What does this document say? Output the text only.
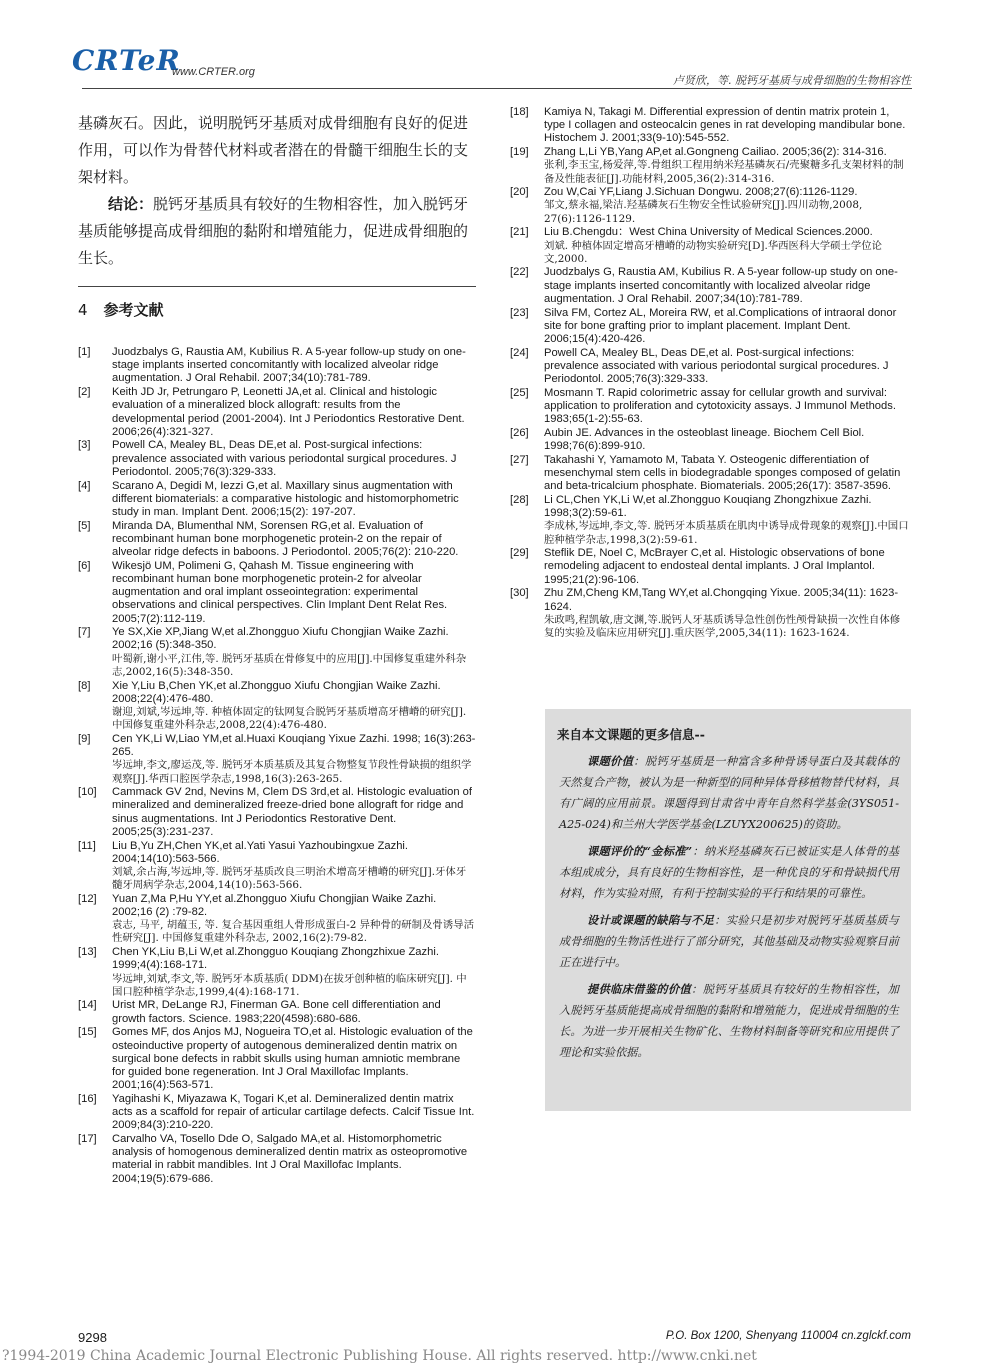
CRTeR
www.CRTER.org
卢贤欣，等. 脱钙牙基质与成骨细胞的生物相容性

基磷灰石。因此，说明脱钙牙基质对成骨细胞有良好的促进作用，可以作为骨替代材料或者潜在的骨髓干细胞生长的支架材料。

结论：脱钙牙基质具有较好的生物相容性，加入脱钙牙基质能够提高成骨细胞的黏附和增殖能力，促进成骨细胞的生长。

4 参考文献
[1]	Juodzbalys G, Raustia AM, Kubilius R. A 5-year follow-up study on one-stage implants inserted concomitantly with localized alveolar ridge augmentation. J Oral Rehabil. 2007;34(10):781-789.
[2]	Keith JD Jr, Petrungaro P, Leonetti JA,et al. Clinical and histologic evaluation of a mineralized block allograft: results from the developmental period (2001-2004). Int J Periodontics Restorative Dent. 2006;26(4):321-327.
[3]	Powell CA, Mealey BL, Deas DE,et al. Post-surgical infections: prevalence associated with various periodontal surgical procedures. J Periodontol. 2005;76(3):329-333.
[4]	Scarano A, Degidi M, Iezzi G,et al. Maxillary sinus augmentation with different biomaterials: a comparative histologic and histomorphometric study in man. Implant Dent. 2006;15(2): 197-207.
[5]	Miranda DA, Blumenthal NM, Sorensen RG,et al. Evaluation of recombinant human bone morphogenetic protein-2 on the repair of alveolar ridge defects in baboons. J Periodontol. 2005;76(2): 210-220.
[6]	Wikesjö UM, Polimeni G, Qahash M. Tissue engineering with recombinant human bone morphogenetic protein-2 for alveolar augmentation and oral implant osseointegration: experimental observations and clinical perspectives. Clin Implant Dent Relat Res. 2005;7(2):112-119.
[7]	Ye SX,Xie XP,Jiang W,et al.Zhongguo Xiufu Chongjian Waike Zazhi. 2002;16 (5):348-350.
叶蜀新,谢小平,江伟,等. 脱钙牙基质在骨修复中的应用[J].中国修复重建外科杂志,2002,16(5):348-350.
[8]	Xie Y,Liu B,Chen YK,et al.Zhongguo Xiufu Chongjian Waike Zazhi. 2008;22(4):476-480.
谢迎,刘斌,岑远坤,等. 种植体固定的钛网复合脱钙牙基质增高牙槽嵴的研究[J].中国修复重建外科杂志,2008,22(4):476-480.
[9]	Cen YK,Li W,Liao YM,et al.Huaxi Kouqiang Yixue Zazhi. 1998; 16(3):263-265.
岑远坤,李文,廖运茂,等. 脱钙牙本质基质及其复合物整复节段性骨缺损的组织学观察[J].华西口腔医学杂志,1998,16(3):263-265.
[10]	Cammack GV 2nd, Nevins M, Clem DS 3rd,et al. Histologic evaluation of mineralized and demineralized freeze-dried bone allograft for ridge and sinus augmentations. Int J Periodontics Restorative Dent. 2005;25(3):231-237.
[11]	Liu B,Yu ZH,Chen YK,et al.Yati Yasui Yazhoubingxue Zazhi. 2004;14(10):563-566.
刘斌,余占海,岑远坤,等. 脱钙牙基质改良三明治术增高牙槽嵴的研究[J].牙体牙髓牙周病学杂志,2004,14(10):563-566.
[12]	Yuan Z,Ma P,Hu YY,et al.Zhongguo Xiufu Chongjian Waike Zazhi. 2002;16 (2) :79-82.
袁志, 马平, 胡蕴玉, 等. 复合基因重组人骨形成蛋白-2 异种骨的研制及骨诱导活性研究[J]. 中国修复重建外科杂志, 2002,16(2):79-82.
[13]	Chen YK,Liu B,Li W,et al.Zhongguo Kouqiang Zhongzhixue Zazhi. 1999;4(4):168-171.
岑远坤,刘斌,李文,等. 脱钙牙本质基质( DDM)在拔牙创种植的临床研究[J]. 中国口腔种植学杂志,1999,4(4):168-171.
[14]	Urist MR, DeLange RJ, Finerman GA. Bone cell differentiation and growth factors. Science. 1983;220(4598):680-686.
[15]	Gomes MF, dos Anjos MJ, Nogueira TO,et al. Histologic evaluation of the osteoinductive property of autogenous demineralized dentin matrix on surgical bone defects in rabbit skulls using human amniotic membrane for guided bone regeneration. Int J Oral Maxillofac Implants. 2001;16(4):563-571.
[16]	Yagihashi K, Miyazawa K, Togari K,et al. Demineralized dentin matrix acts as a scaffold for repair of articular cartilage defects. Calcif Tissue Int. 2009;84(3):210-220.
[17]	Carvalho VA, Tosello Dde O, Salgado MA,et al. Histomorphometric analysis of homogenous demineralized dentin matrix as osteopromotive material in rabbit mandibles. Int J Oral Maxillofac Implants. 2004;19(5):679-686.
[18]	Kamiya N, Takagi M. Differential expression of dentin matrix protein 1, type I collagen and osteocalcin genes in rat developing mandibular bone. Histochem J. 2001;33(9-10):545-552.
[19]	Zhang L,Li YB,Yang AP,et al.Gongneng Cailiao. 2005;36(2): 314-316.
张利,李玉宝,杨爱萍,等.骨组织工程用纳米羟基磷灰石/壳聚糖多孔支架材料的制备及性能表征[J].功能材料,2005,36(2):314-316.
[20]	Zou W,Cai YF,Liang J.Sichuan Dongwu. 2008;27(6):1126-1129.
邹文,蔡永福,梁洁.羟基磷灰石生物安全性试验研究[J].四川动物,2008, 27(6):1126-1129.
[21]	Liu B.Chengdu：West China University of Medical Sciences.2000.
刘斌. 种植体固定增高牙槽嵴的动物实验研究[D].华西医科大学硕士学位论文,2000.
[22]	Juodzbalys G, Raustia AM, Kubilius R. A 5-year follow-up study on one-stage implants inserted concomitantly with localized alveolar ridge augmentation. J Oral Rehabil. 2007;34(10):781-789.
[23]	Silva FM, Cortez AL, Moreira RW, et al.Complications of intraoral donor site for bone grafting prior to implant placement. Implant Dent. 2006;15(4):420-426.
[24]	Powell CA, Mealey BL, Deas DE,et al. Post-surgical infections: prevalence associated with various periodontal surgical procedures. J Periodontol. 2005;76(3):329-333.
[25]	Mosmann T. Rapid colorimetric assay for cellular growth and survival: application to proliferation and cytotoxicity assays. J Immunol Methods. 1983;65(1-2):55-63.
[26]	Aubin JE. Advances in the osteoblast lineage. Biochem Cell Biol. 1998;76(6):899-910.
[27]	Takahashi Y, Yamamoto M, Tabata Y. Osteogenic differentiation of mesenchymal stem cells in biodegradable sponges composed of gelatin and beta-tricalcium phosphate. Biomaterials. 2005;26(17): 3587-3596.
[28]	Li CL,Chen YK,Li W,et al.Zhongguo Kouqiang Zhongzhixue Zazhi. 1998;3(2):59-61.
李成林,岑远坤,李文,等. 脱钙牙本质基质在肌肉中诱导成骨现象的观察[J].中国口腔种植学杂志,1998,3(2):59-61.
[29]	Steflik DE, Noel C, McBrayer C,et al. Histologic observations of bone remodeling adjacent to endosteal dental implants. J Oral Implantol. 1995;21(2):96-106.
[30]	Zhu ZM,Cheng KM,Tang WY,et al.Chongqing Yixue. 2005;34(11): 1623-1624.
朱政鸣,程凯敏,唐文渊,等.脱钙人牙基质诱导急性创伤性颅骨缺损一次性自体修复的实验及临床应用研究[J].重庆医学,2005,34(11): 1623-1624.
来自本文课题的更多信息--

课题价值：脱钙牙基质是一种富含多种骨诱导蛋白及其载体的天然复合产物，被认为是一种新型的同种异体骨移植物替代材料，具有广阔的应用前景。课题得到甘肃省中青年自然科学基金(3YS051-A25-024)和兰州大学医学基金(LZUYX200625)的资助。

课题评价的“金标准”：纳米羟基磷灰石已被证实是人体骨的基本组成成分，具有良好的生物相容性，是一种优良的牙和骨缺损代用材料，作为实验对照，有利于控制实验的平行和结果的可靠性。

设计或课题的缺陷与不足：实验只是初步对脱钙牙基质基质与成骨细胞的生物活性进行了部分研究，其他基础及动物实验观察目前正在进行中。

提供临床借鉴的价值：脱钙牙基质具有较好的生物相容性，加入脱钙牙基质能提高成骨细胞的黏附和增殖能力，促进成骨细胞的生长。为进一步开展相关生物矿化、生物材料制备等研究和应用提供了理论和实验依据。

9298	P.O. Box 1200, Shenyang 110004 cn.zglckf.com
?1994-2019 China Academic Journal Electronic Publishing House. All rights reserved. http://www.cnki.net
